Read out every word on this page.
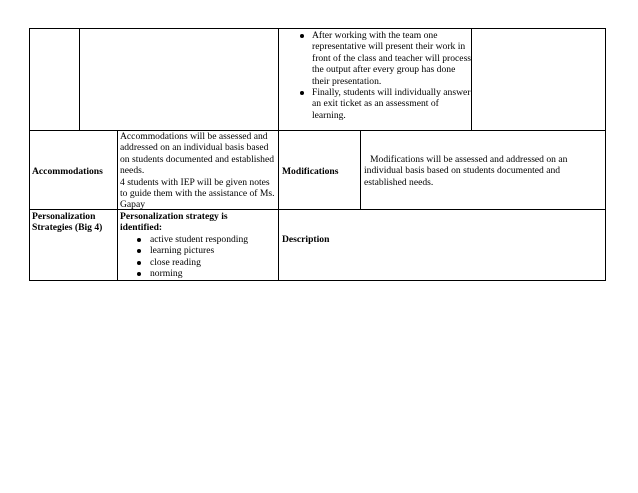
After working with the team one representative will present their work in front of the class and teacher will process the output after every group has done their presentation.
Finally, students will individually answer an exit ticket as an assessment of learning.
Accommodations
Accommodations will be assessed and addressed on an individual basis based on students documented and established needs.
4 students with IEP will be given notes to guide them with the assistance of Ms. Gapay
Modifications
Modifications will be assessed and addressed on an individual basis based on students documented and established needs.
Personalization Strategies (Big 4)
Personalization strategy is identified:
active student responding
learning pictures
close reading
norming
Description
